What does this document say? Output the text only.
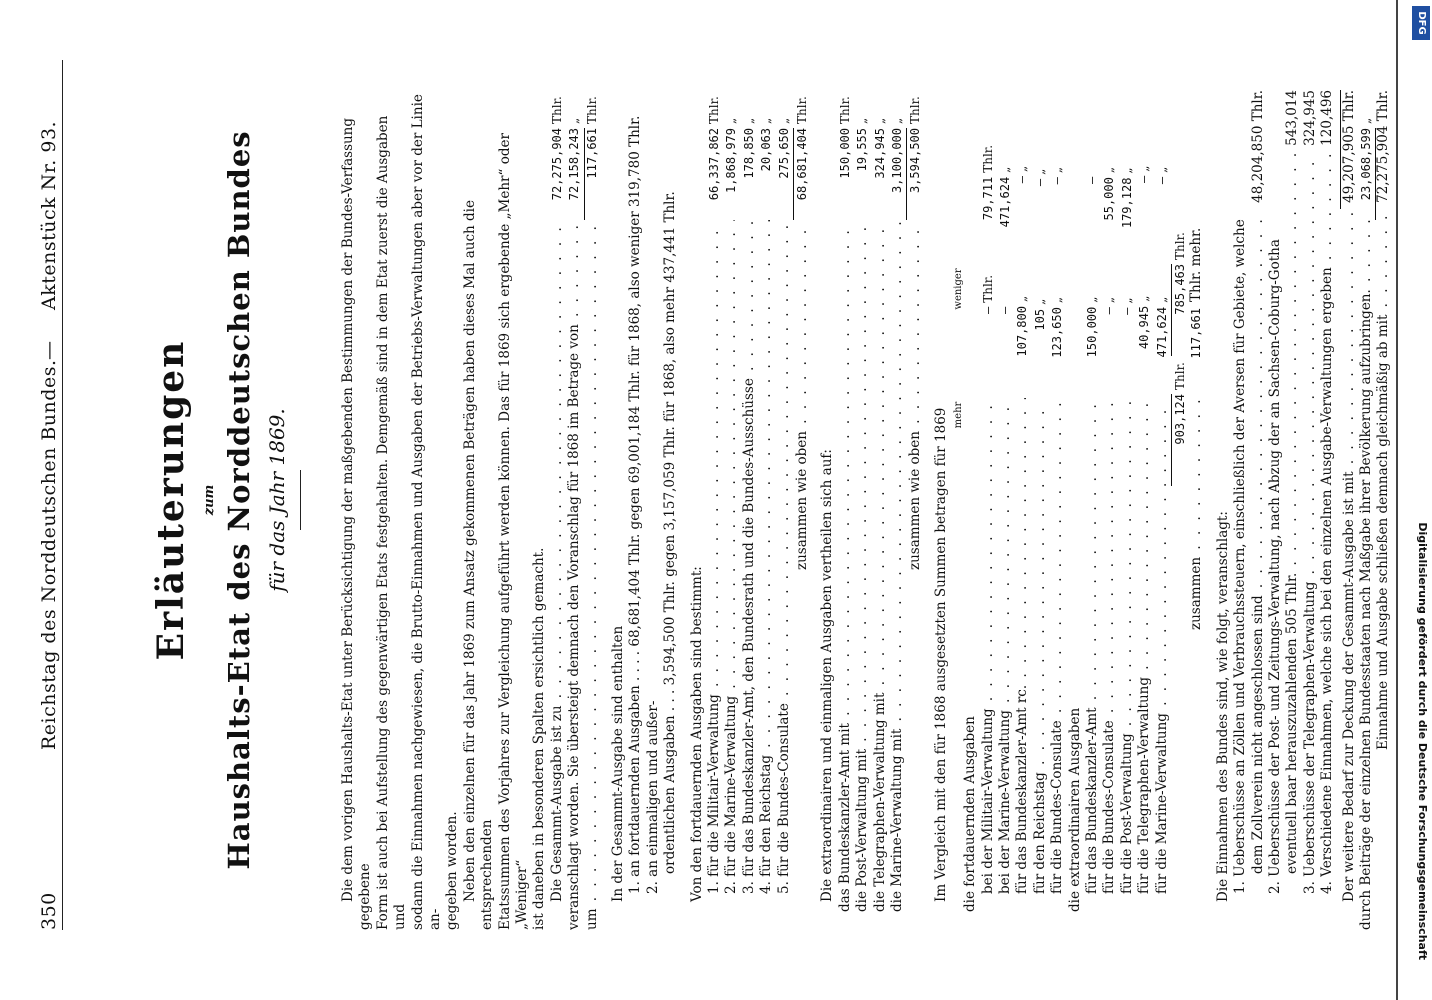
350
Reichstag des Norddeutschen Bundes.
—
Aktenstück Nr. 93.
Erläuterungen zum Haushalts-Etat des Norddeutschen Bundes für das Jahr 1869.	Die dem vorigen Haushalts-Etat unter Berücksichtigung der maßgebenden Bestimmungen der Bundes-Verfassung gegebene Form ist auch bei Aufstellung des gegenwärtigen Etats festgehalten. Demgemäß sind in dem Etat zuerst die Ausgaben und sodann die Einnahmen nachgewiesen, die Brutto-Einnahmen und Ausgaben der Betriebs-Verwaltungen aber vor der Linie an- gegeben worden. Neben den einzelnen für das Jahr 1869 zum Ansatz gekommenen Beträgen haben dieses Mal auch die entsprechenden Etatssummen des Vorjahres zur Vergleichung aufgeführt werden können. Das für 1869 sich ergebende „Mehr“ oder „Weniger“ ist daneben in besonderen Spalten ersichtlich gemacht. Die Gesammt-Ausgabe ist zu . . .
72,275,904
Thlr.
veranschlagt worden. Sie übersteigt demnach den Voranschlag für 1868 im Betrage von . . .
72,158,243
„
um . . .
117,661
Thlr.

In der Gesammt-Ausgabe sind enthalten 1. an fortdauernden Ausgaben . . . . 68,681,404 Thlr. gegen 69,001,184 Thlr. für 1868, also weniger 319,780 Thlr.

2. an einmaligen und außer- ordentlichen Ausgaben . . . 3,594,500 Thlr. gegen 3,157,059 Thlr. für 1868, also mehr 437,441 Thlr.

Von den fortdauernden Ausgaben sind bestimmt: 1. für die Militair-Verwaltung . . .
66,337,862
Thlr.
2. für die Marine-Verwaltung . . .
1,868,979
„
3. für das Bundeskanzler-Amt, den Bundesrath und die Bundes-Ausschüsse . . .
178,850
„
4. für den Reichstag . . .
20,063
„
5. für die Bundes-Consulate . . .
275,650
„
zusammen wie oben . . .
68,681,404
Thlr.

Die extraordinairen und einmaligen Ausgaben vertheilen sich auf: das Bundeskanzler-Amt mit . . .
150,000
Thlr.
die Post-Verwaltung mit . . .
19,555
„
die Telegraphen-Verwaltung mit . . .
324,945
„
die Marine-Verwaltung mit . . .
3,100,000
„
zusammen wie oben . . .
3,594,500
Thlr.

Im Vergleich mit den für 1868 ausgesetzten Summen betragen für 1869 mehr
weniger

die fortdauernden Ausgaben bei der Militair-Verwaltung . . .
—
Thlr.
79,711
Thlr.
bei der Marine-Verwaltung . . .
—
471,624
„
für das Bundeskanzler-Amt rc. . . .
107,800
„
—
„
für den Reichstag . . .
105
„
—
„
für die Bundes-Consulate . . .
123,650
„
—
„

die extraordinairen Ausgaben für das Bundeskanzler-Amt . . .
150,000
„
—
für die Bundes-Consulate . . .
—
„
55,000
„
für die Post-Verwaltung . . .
—
„
179,128
„
für die Telegraphen-Verwaltung . . .
40,945
„
—
„
für die Marine-Verwaltung . . .
471,624
„
—
„
903,124
Thlr.
785,463
Thlr.
zusammen . . .
117,661
Thlr. mehr.

Die Einnahmen des Bundes sind, wie folgt, veranschlagt: 1. Ueberschüsse an Zöllen und Verbrauchssteuern, einschließlich der Aversen für Gebiete, welche dem Zollverein nicht angeschlossen sind . . .
48,204,850 Thlr.

2. Ueberschüsse der Post- und Zeitungs-Verwaltung, nach Abzug der an Sachsen-Coburg-Gotha eventuell baar herauszuzahlenden 505 Thlr. . . .
543,014
3. Ueberschüsse der Telegraphen-Verwaltung . . .
324,945
4. Verschiedene Einnahmen, welche sich bei den einzelnen Ausgabe-Verwaltungen ergeben . . .
120,496
Der weitere Bedarf zur Deckung der Gesammt-Ausgabe ist mit . . .
49,207,905 Thlr.
durch Beiträge der einzelnen Bundesstaaten nach Maßgabe ihrer Bevölkerung aufzubringen. . . .
23,068,599
„
Einnahme und Ausgabe schließen demnach gleichmäßig ab mit . . .
72,275,904 Thlr.
Digitalisierung gefördert durch die Deutsche Forschungsgemeinschaft
DFG
